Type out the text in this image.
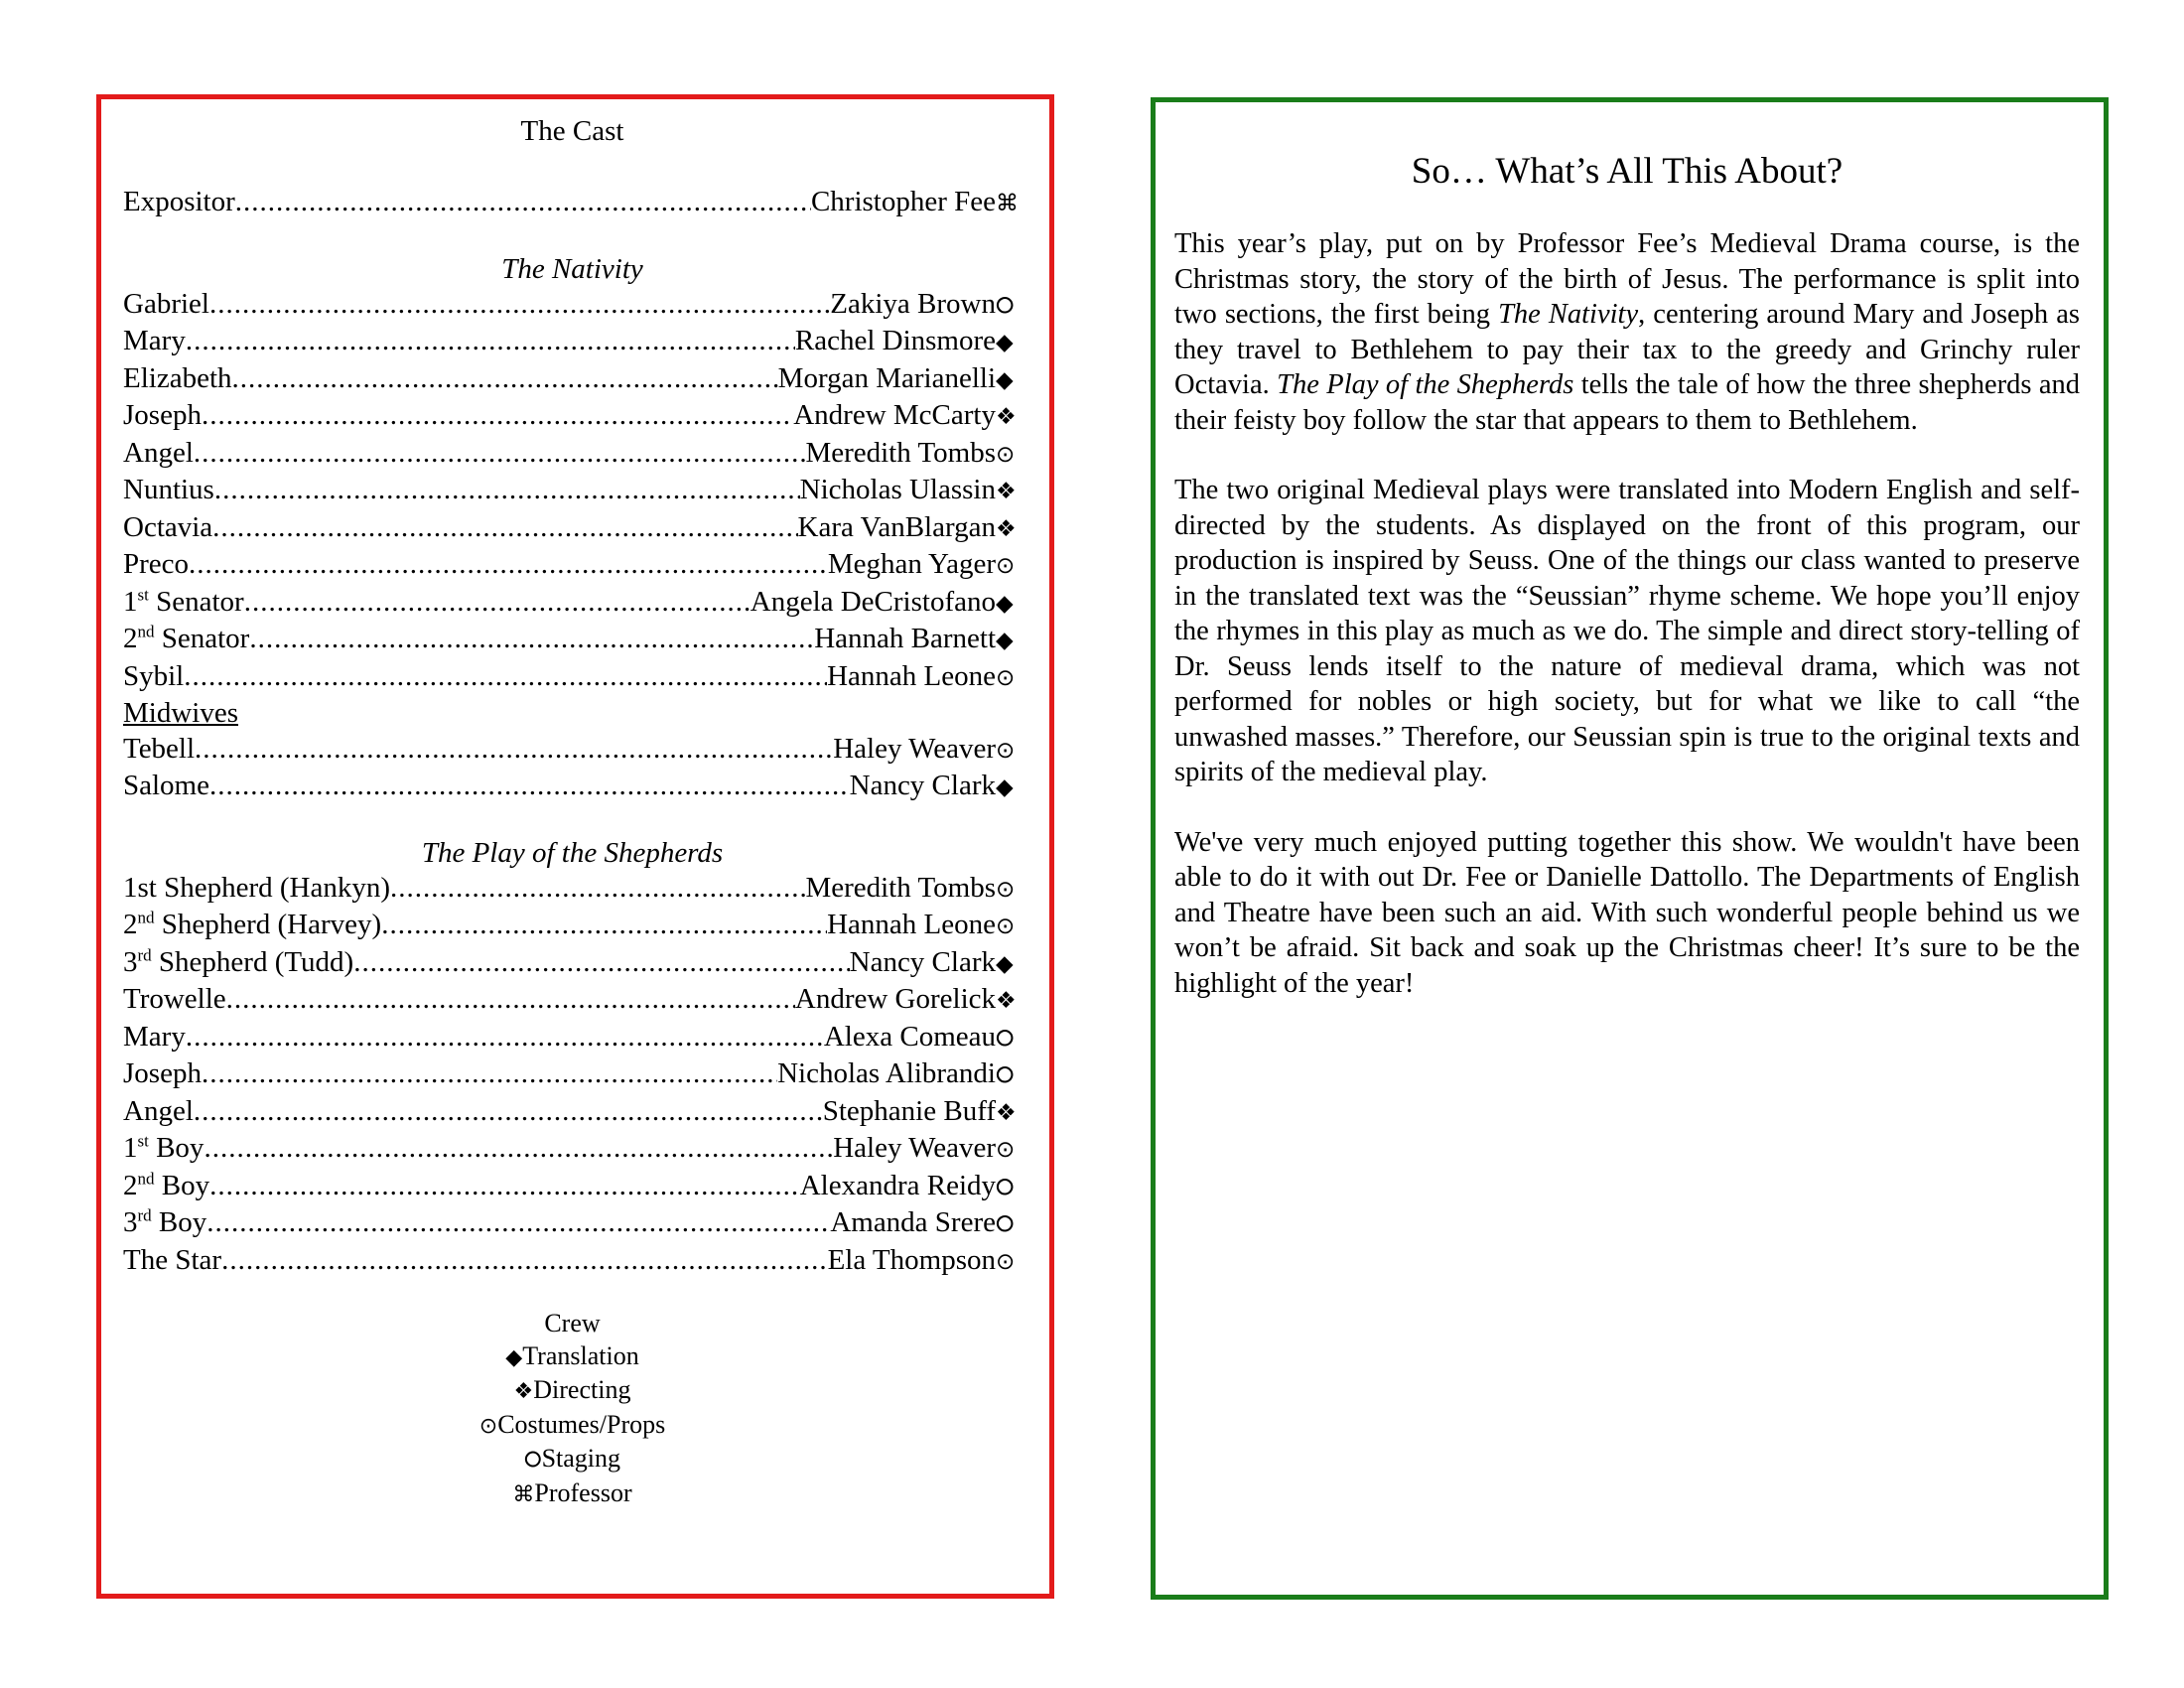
The Cast
Expositor .....	Christopher Fee ⌘
The Nativity
Gabriel .....	Zakiya Brown ⭘
Mary .....	Rachel Dinsmore ◆
Elizabeth .....	Morgan Marianelli ◆
Joseph .....	Andrew McCarty ❖
Angel .....	Meredith Tombs ⊙
Nuntius .....	Nicholas Ulassin ❖
Octavia .....	Kara VanBlargan ❖
Preco .....	Meghan Yager ⊙
1st Senator .....	Angela DeCristofano ◆
2nd Senator .....	Hannah Barnett ◆
Sybil .....	Hannah Leone ⊙
Midwives
Tebell .....	Haley Weaver ⊙
Salome .....	Nancy Clark ◆
The Play of the Shepherds
1st Shepherd (Hankyn) .....	Meredith Tombs ⊙
2nd Shepherd (Harvey) .....	Hannah Leone ⊙
3rd Shepherd (Tudd) .....	Nancy Clark ◆
Trowelle .....	Andrew Gorelick ❖
Mary .....	Alexa Comeau ⭘
Joseph .....	Nicholas Alibrandi ⭘
Angel .....	Stephanie Buff ❖
1st Boy .....	Haley Weaver ⊙
2nd Boy .....	Alexandra Reidy ⭘
3rd Boy .....	Amanda Srere ⭘
The Star .....	Ela Thompson ⊙
Crew
◆Translation
❖Directing
⊙Costumes/Props
⭘Staging
⌘Professor
So… What’s All This About?

This year’s play, put on by Professor Fee’s Medieval Drama course, is the Christmas story, the story of the birth of Jesus. The performance is split into two sections, the first being The Nativity, centering around Mary and Joseph as they travel to Bethlehem to pay their tax to the greedy and Grinchy ruler Octavia. The Play of the Shepherds tells the tale of how the three shepherds and their feisty boy follow the star that appears to them to Bethlehem.

The two original Medieval plays were translated into Modern English and self-directed by the students. As displayed on the front of this program, our production is inspired by Seuss. One of the things our class wanted to preserve in the translated text was the “Seussian” rhyme scheme. We hope you’ll enjoy the rhymes in this play as much as we do. The simple and direct story-telling of Dr. Seuss lends itself to the nature of medieval drama, which was not performed for nobles or high society, but for what we like to call “the unwashed masses.” Therefore, our Seussian spin is true to the original texts and spirits of the medieval play.

We've very much enjoyed putting together this show. We wouldn't have been able to do it with out Dr. Fee or Danielle Dattollo. The Departments of English and Theatre have been such an aid. With such wonderful people behind us we won’t be afraid. Sit back and soak up the Christmas cheer! It’s sure to be the highlight of the year!
